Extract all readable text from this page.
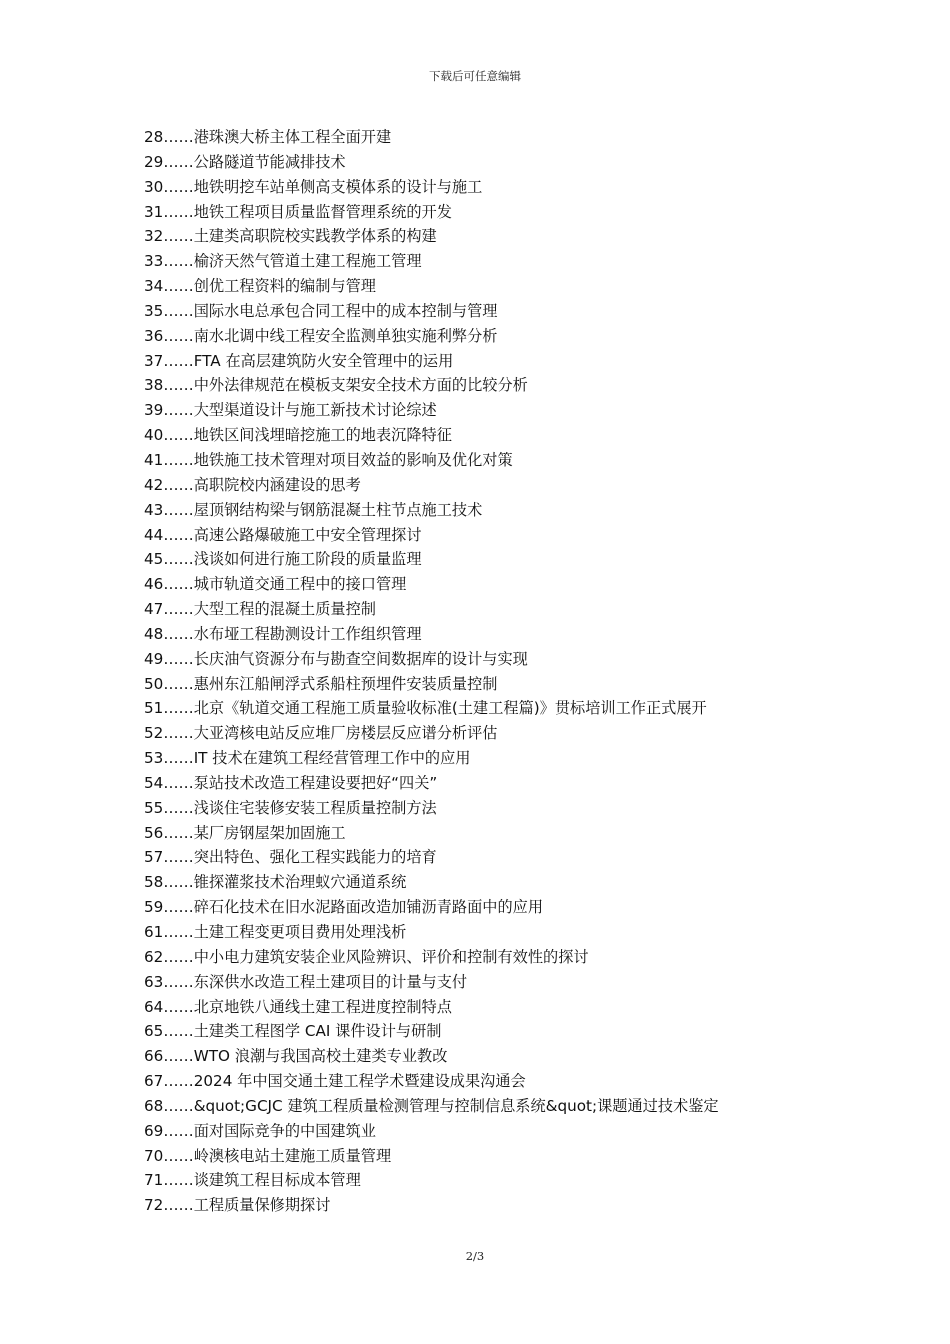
下载后可任意编辑
28……港珠澳大桥主体工程全面开建
29……公路隧道节能减排技术
30……地铁明挖车站单侧高支模体系的设计与施工
31……地铁工程项目质量监督管理系统的开发
32……土建类高职院校实践教学体系的构建
33……榆济天然气管道土建工程施工管理
34……创优工程资料的编制与管理
35……国际水电总承包合同工程中的成本控制与管理
36……南水北调中线工程安全监测单独实施利弊分析
37……FTA 在高层建筑防火安全管理中的运用
38……中外法律规范在模板支架安全技术方面的比较分析
39……大型渠道设计与施工新技术讨论综述
40……地铁区间浅埋暗挖施工的地表沉降特征
41……地铁施工技术管理对项目效益的影响及优化对策
42……高职院校内涵建设的思考
43……屋顶钢结构梁与钢筋混凝土柱节点施工技术
44……高速公路爆破施工中安全管理探讨
45……浅谈如何进行施工阶段的质量监理
46……城市轨道交通工程中的接口管理
47……大型工程的混凝土质量控制
48……水布垭工程勘测设计工作组织管理
49……长庆油气资源分布与勘查空间数据库的设计与实现
50……惠州东江船闸浮式系船柱预埋件安装质量控制
51……北京《轨道交通工程施工质量验收标准(土建工程篇)》贯标培训工作正式展开
52……大亚湾核电站反应堆厂房楼层反应谱分析评估
53……IT 技术在建筑工程经营管理工作中的应用
54……泵站技术改造工程建设要把好“四关”
55……浅谈住宅装修安装工程质量控制方法
56……某厂房钢屋架加固施工
57……突出特色、强化工程实践能力的培育
58……锥探灌浆技术治理蚁穴通道系统
59……碎石化技术在旧水泥路面改造加铺沥青路面中的应用
61……土建工程变更项目费用处理浅析
62……中小电力建筑安装企业风险辨识、评价和控制有效性的探讨
63……东深供水改造工程土建项目的计量与支付
64……北京地铁八通线土建工程进度控制特点
65……土建类工程图学 CAI 课件设计与研制
66……WTO 浪潮与我国高校土建类专业教改
67……2024 年中国交通土建工程学术暨建设成果沟通会
68……&quot;GCJC 建筑工程质量检测管理与控制信息系统&quot;课题通过技术鉴定
69……面对国际竞争的中国建筑业
70……岭澳核电站土建施工质量管理
71……谈建筑工程目标成本管理
72……工程质量保修期探讨
2/3
